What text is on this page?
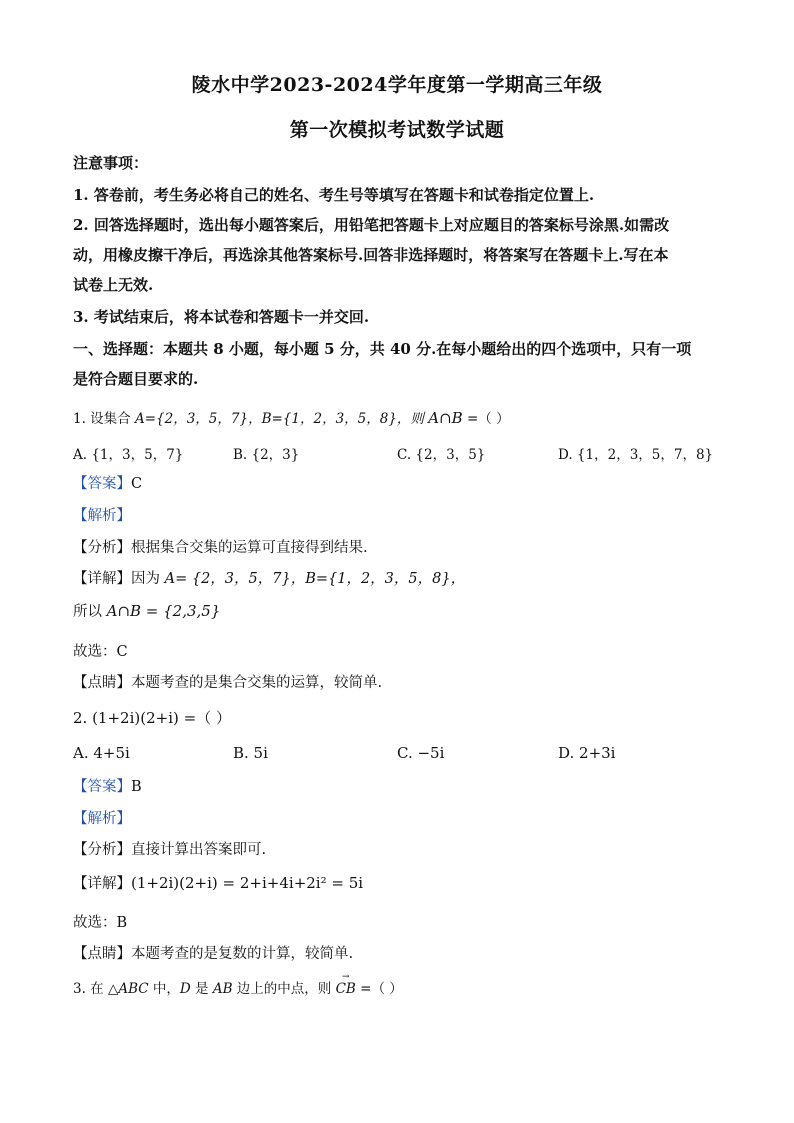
陵水中学2023-2024学年度第一学期高三年级
第一次模拟考试数学试题
注意事项：
1. 答卷前，考生务必将自己的姓名、考生号等填写在答题卡和试卷指定位置上.
2. 回答选择题时，选出每小题答案后，用铅笔把答题卡上对应题目的答案标号涂黑.如需改
动，用橡皮擦干净后，再选涂其他答案标号.回答非选择题时，将答案写在答题卡上.写在本
试卷上无效.
3. 考试结束后，将本试卷和答题卡一并交回.
一、选择题：本题共 8 小题，每小题 5 分，共 40 分.在每小题给出的四个选项中，只有一项
是符合题目要求的.
1. 设集合 A={2，3，5，7}，B={1，2，3，5，8}，则 A∩B =（ ）
A. {1，3，5，7}	B. {2，3}	C. {2，3，5}	D. {1，2，3，5，7，8}
【答案】C
【解析】
【分析】根据集合交集的运算可直接得到结果.
【详解】因为 A= {2，3，5，7}，B={1，2，3，5，8}，
所以 A∩B = {2,3,5}
故选：C
【点睛】本题考查的是集合交集的运算，较简单.
2. (1+2i)(2+i) =（ ）
A. 4+5i	B. 5i	C. −5i	D. 2+3i
【答案】B
【解析】
【分析】直接计算出答案即可.
【详解】(1+2i)(2+i) = 2+i+4i+2i² = 5i
故选：B
【点睛】本题考查的是复数的计算，较简单.
3. 在 △ABC 中，D 是 AB 边上的中点，则
→
CB =（ ）
